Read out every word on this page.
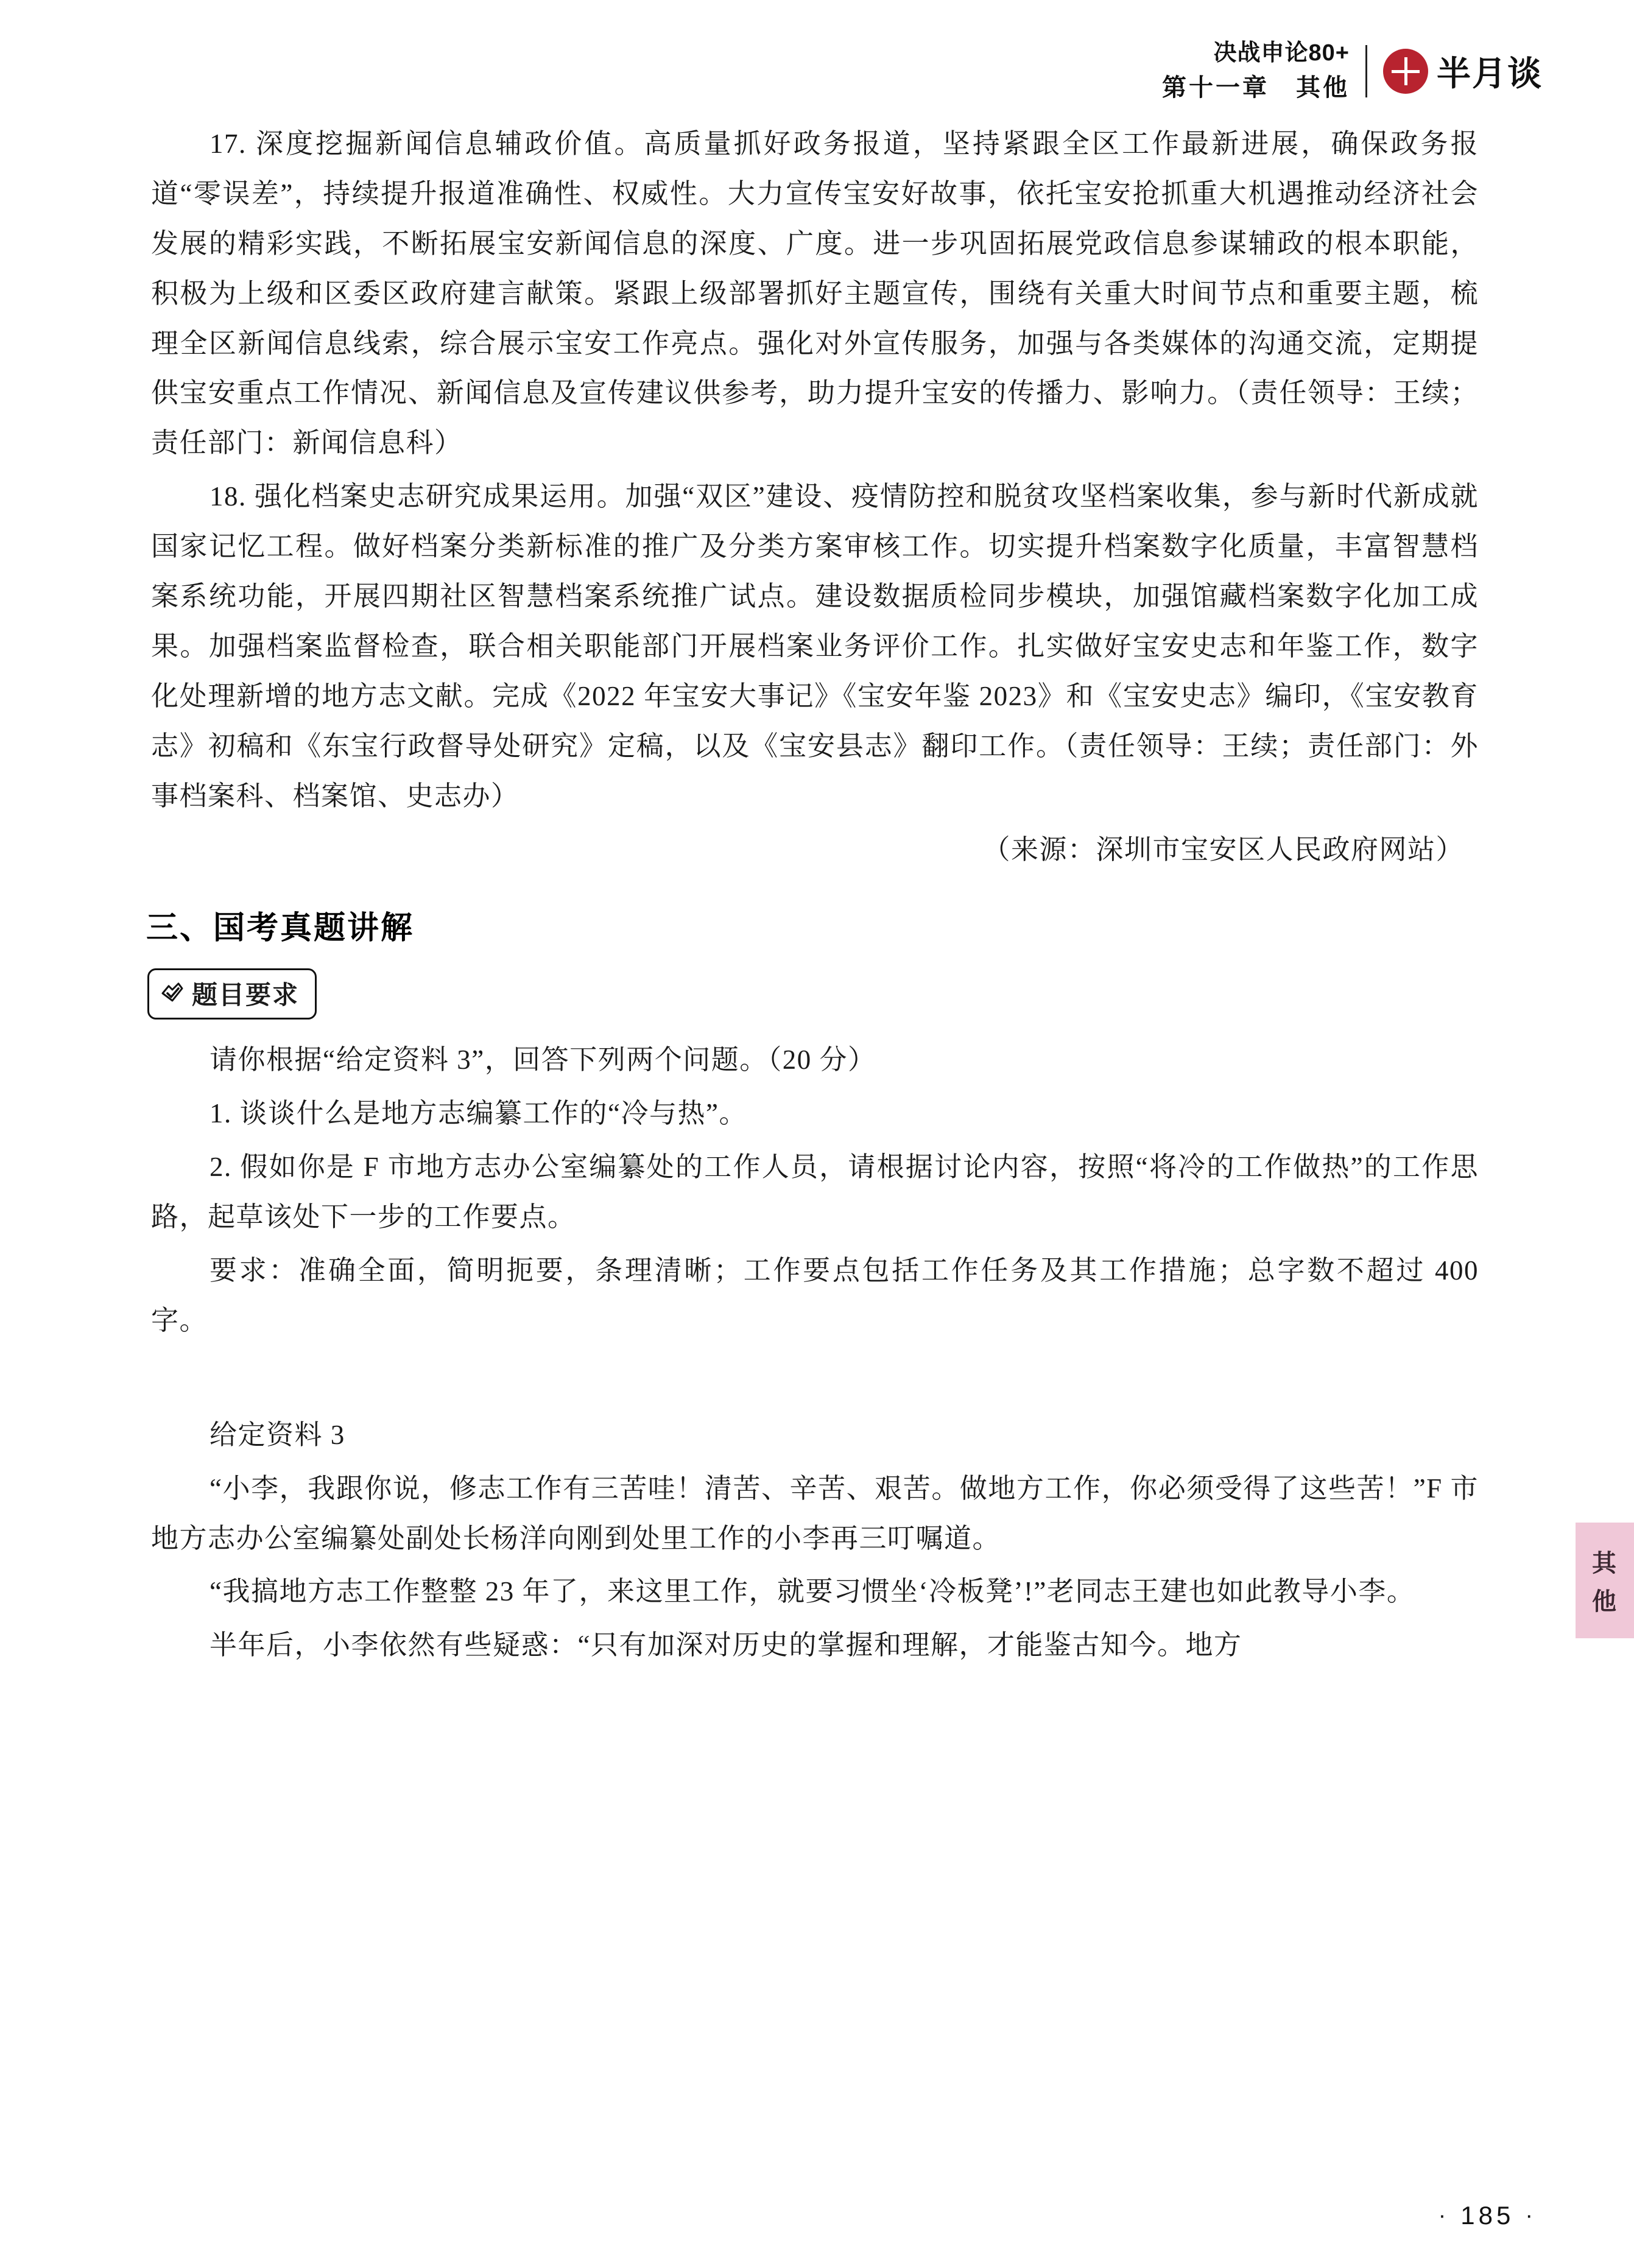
决战申论80+
第十一章　其他	半月谈

17. 深度挖掘新闻信息辅政价值。高质量抓好政务报道，坚持紧跟全区工作最新进展，确保政务报道“零误差”，持续提升报道准确性、权威性。大力宣传宝安好故事，依托宝安抢抓重大机遇推动经济社会发展的精彩实践，不断拓展宝安新闻信息的深度、广度。进一步巩固拓展党政信息参谋辅政的根本职能，积极为上级和区委区政府建言献策。紧跟上级部署抓好主题宣传，围绕有关重大时间节点和重要主题，梳理全区新闻信息线索，综合展示宝安工作亮点。强化对外宣传服务，加强与各类媒体的沟通交流，定期提供宝安重点工作情况、新闻信息及宣传建议供参考，助力提升宝安的传播力、影响力。（责任领导：王续；责任部门：新闻信息科）

18. 强化档案史志研究成果运用。加强“双区”建设、疫情防控和脱贫攻坚档案收集，参与新时代新成就国家记忆工程。做好档案分类新标准的推广及分类方案审核工作。切实提升档案数字化质量，丰富智慧档案系统功能，开展四期社区智慧档案系统推广试点。建设数据质检同步模块，加强馆藏档案数字化加工成果。加强档案监督检查，联合相关职能部门开展档案业务评价工作。扎实做好宝安史志和年鉴工作，数字化处理新增的地方志文献。完成《2022 年宝安大事记》《宝安年鉴 2023》和《宝安史志》编印，《宝安教育志》初稿和《东宝行政督导处研究》定稿，以及《宝安县志》翻印工作。（责任领导：王续；责任部门：外事档案科、档案馆、史志办）

（来源：深圳市宝安区人民政府网站）

三、国考真题讲解
题目要求

请你根据“给定资料 3”，回答下列两个问题。（20 分）

1. 谈谈什么是地方志编纂工作的“冷与热”。

2. 假如你是 F 市地方志办公室编纂处的工作人员，请根据讨论内容，按照“将冷的工作做热”的工作思路，起草该处下一步的工作要点。

要求：准确全面，简明扼要，条理清晰；工作要点包括工作任务及其工作措施；总字数不超过 400 字。

给定资料 3

“小李，我跟你说，修志工作有三苦哇！清苦、辛苦、艰苦。做地方工作，你必须受得了这些苦！”F 市地方志办公室编纂处副处长杨洋向刚到处里工作的小李再三叮嘱道。

“我搞地方志工作整整 23 年了，来这里工作，就要习惯坐‘冷板凳’!”老同志王建也如此教导小李。

半年后，小李依然有些疑惑：“只有加深对历史的掌握和理解，才能鉴古知今。地方

其
他
· 185 ·
